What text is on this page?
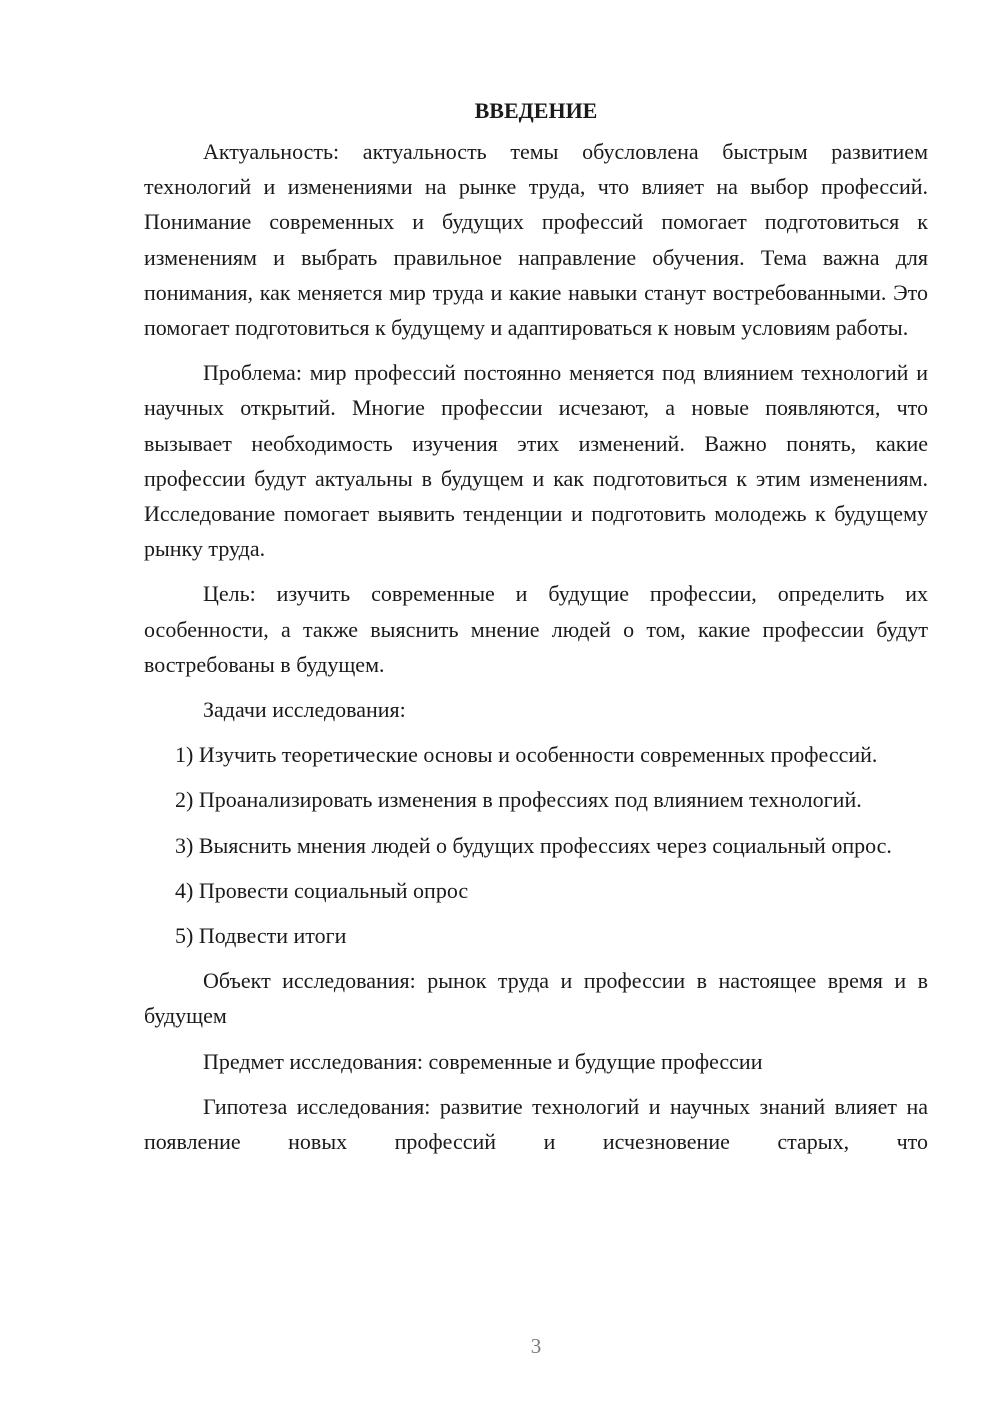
ВВЕДЕНИЕ

Актуальность: актуальность темы обусловлена быстрым развитием технологий и изменениями на рынке труда, что влияет на выбор профессий. Понимание современных и будущих профессий помогает подготовиться к изменениям и выбрать правильное направление обучения. Тема важна для понимания, как меняется мир труда и какие навыки станут востребованными. Это помогает подготовиться к будущему и адаптироваться к новым условиям работы.

Проблема: мир профессий постоянно меняется под влиянием технологий и научных открытий. Многие профессии исчезают, а новые появляются, что вызывает необходимость изучения этих изменений. Важно понять, какие профессии будут актуальны в будущем и как подготовиться к этим изменениям. Исследование помогает выявить тенденции и подготовить молодежь к будущему рынку труда.

Цель: изучить современные и будущие профессии, определить их особенности, а также выяснить мнение людей о том, какие профессии будут востребованы в будущем.

Задачи исследования:

1) Изучить теоретические основы и особенности современных профессий.

2) Проанализировать изменения в профессиях под влиянием технологий.

3) Выяснить мнения людей о будущих профессиях через социальный опрос.

4) Провести социальный опрос

5) Подвести итоги

Объект исследования: рынок труда и профессии в настоящее время и в будущем

Предмет исследования: современные и будущие профессии

Гипотеза исследования: развитие технологий и научных знаний влияет на появление новых профессий и исчезновение старых, что

3
